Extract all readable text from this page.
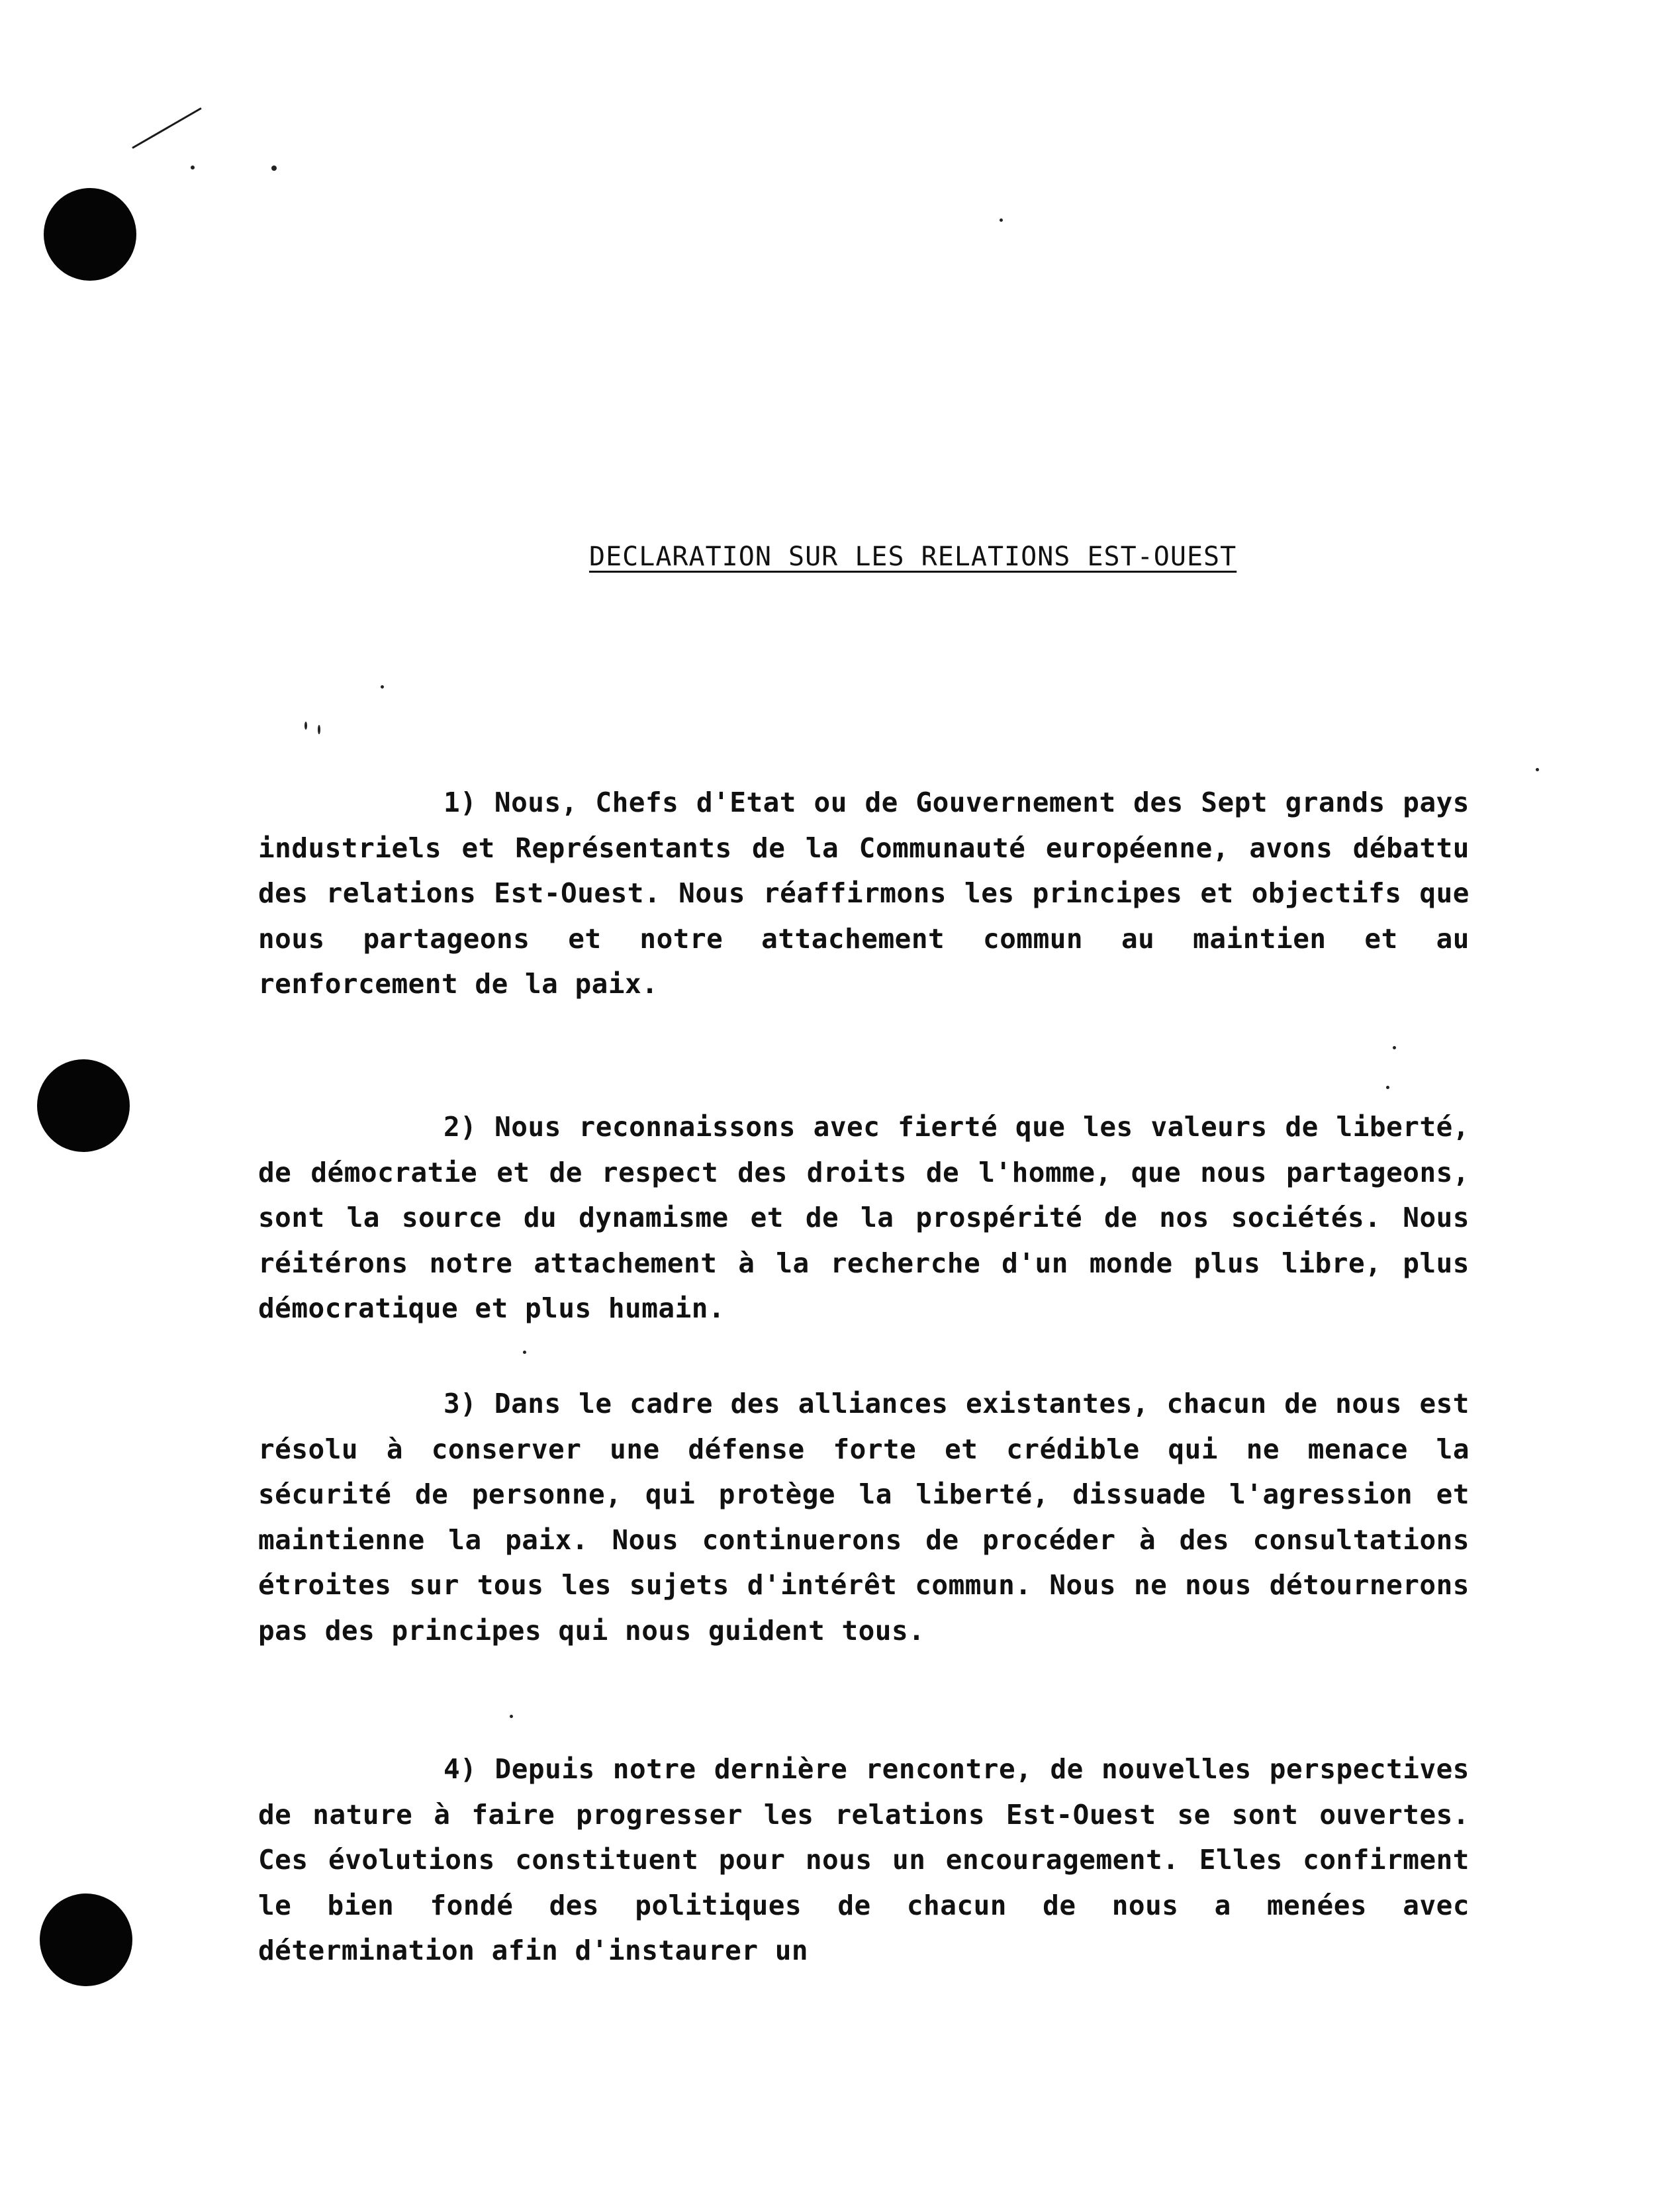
DECLARATION SUR LES RELATIONS EST-OUEST

1) Nous, Chefs d'Etat ou de Gouvernement des Sept grands pays industriels et Représentants de la Communauté européenne, avons débattu des relations Est-Ouest. Nous réaffirmons les principes et objectifs que nous partageons et notre attachement commun au maintien et au renforcement de la paix.

2) Nous reconnaissons avec fierté que les valeurs de liberté, de démocratie et de respect des droits de l'homme, que nous partageons, sont la source du dynamisme et de la prospérité de nos sociétés. Nous réitérons notre attachement à la recherche d'un monde plus libre, plus démocratique et plus humain.

3) Dans le cadre des alliances existantes, chacun de nous est résolu à conserver une défense forte et crédible qui ne menace la sécurité de personne, qui protège la liberté, dissuade l'agression et maintienne la paix. Nous continuerons de procéder à des consultations étroites sur tous les sujets d'intérêt commun. Nous ne nous détournerons pas des principes qui nous guident tous.

4) Depuis notre dernière rencontre, de nouvelles perspectives de nature à faire progresser les relations Est-Ouest se sont ouvertes. Ces évolutions constituent pour nous un encouragement. Elles confirment le bien fondé des politiques de chacun de nous a menées avec détermination afin d'instaurer un
